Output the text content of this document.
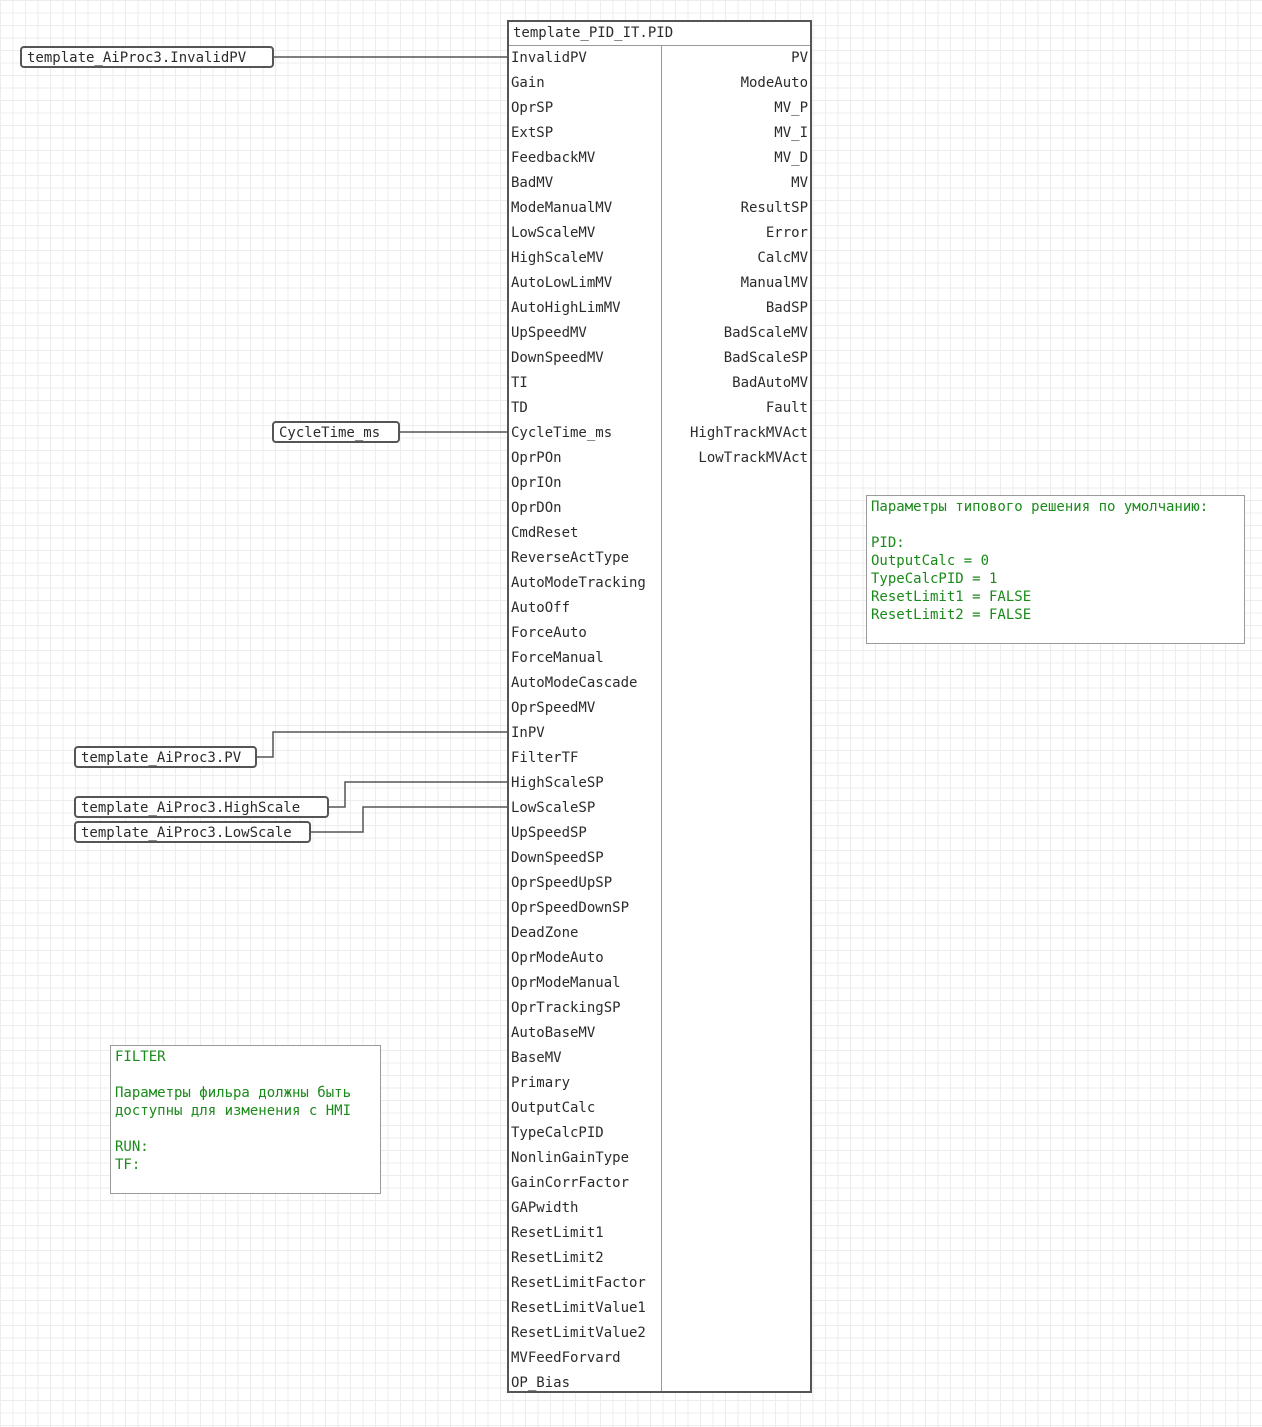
template_AiProc3.InvalidPV
CycleTime_ms
template_AiProc3.PV
template_AiProc3.HighScale
template_AiProc3.LowScale
template_PID_IT.PID
InvalidPV
Gain
OprSP
ExtSP
FeedbackMV
BadMV
ModeManualMV
LowScaleMV
HighScaleMV
AutoLowLimMV
AutoHighLimMV
UpSpeedMV
DownSpeedMV
TI
TD
CycleTime_ms
OprPOn
OprIOn
OprDOn
CmdReset
ReverseActType
AutoModeTracking
AutoOff
ForceAuto
ForceManual
AutoModeCascade
OprSpeedMV
InPV
FilterTF
HighScaleSP
LowScaleSP
UpSpeedSP
DownSpeedSP
OprSpeedUpSP
OprSpeedDownSP
DeadZone
OprModeAuto
OprModeManual
OprTrackingSP
AutoBaseMV
BaseMV
Primary
OutputCalc
TypeCalcPID
NonlinGainType
GainCorrFactor
GAPwidth
ResetLimit1
ResetLimit2
ResetLimitFactor
ResetLimitValue1
ResetLimitValue2
MVFeedForvard
OP_Bias
PV
ModeAuto
MV_P
MV_I
MV_D
MV
ResultSP
Error
CalcMV
ManualMV
BadSP
BadScaleMV
BadScaleSP
BadAutoMV
Fault
HighTrackMVAct
LowTrackMVAct
Параметры типового решения по умолчанию:
PID:
OutputCalc = 0
TypeCalcPID = 1
ResetLimit1 = FALSE
ResetLimit2 = FALSE
FILTER
Параметры фильра должны быть
доступны для изменения с HMI
RUN:
TF:
